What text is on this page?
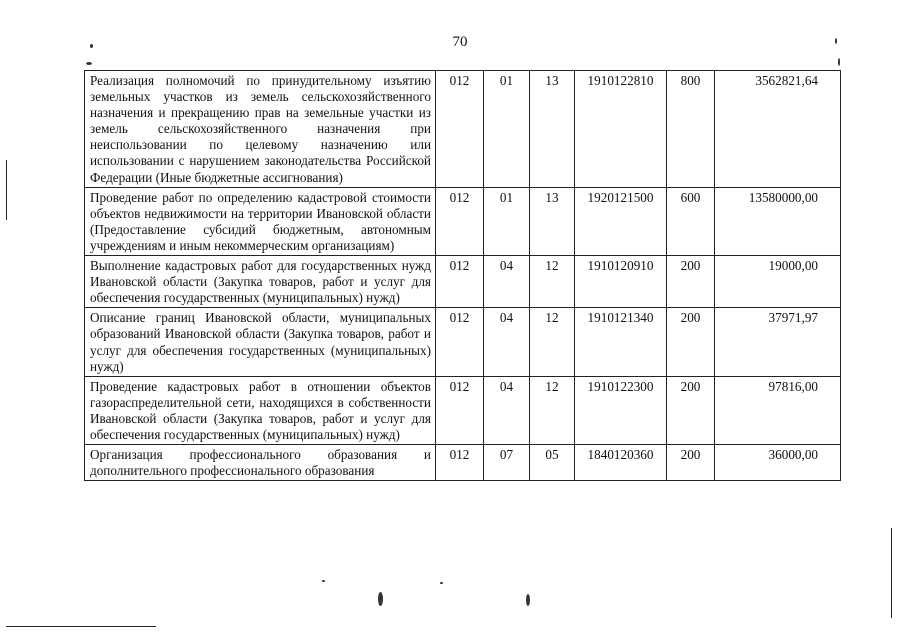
70
Реализация полномочий по принудительному изъятию земельных участков из земель сельскохозяйственного назначения и прекращению прав на земельные участки из земель сельскохозяйственного назначения при неиспользовании по целевому назначению или использовании с нарушением законодательства Российской Федерации (Иные бюджетные ассигнования)	012	01	13	1910122810	800	3562821,64
Проведение работ по определению кадастровой стоимости объектов недвижимости на территории Ивановской области (Предоставление субсидий бюджетным, автономным учреждениям и иным некоммерческим организациям)	012	01	13	1920121500	600	13580000,00
Выполнение кадастровых работ для государственных нужд Ивановской области (Закупка товаров, работ и услуг для обеспечения государственных (муниципальных) нужд)	012	04	12	1910120910	200	19000,00
Описание границ Ивановской области, муниципальных образований Ивановской области (Закупка товаров, работ и услуг для обеспечения государственных (муниципальных) нужд)	012	04	12	1910121340	200	37971,97
Проведение кадастровых работ в отношении объектов газораспределительной сети, находящихся в собственности Ивановской области (Закупка товаров, работ и услуг для обеспечения государственных (муниципальных) нужд)	012	04	12	1910122300	200	97816,00
Организация профессионального образования и дополнительного профессионального образования	012	07	05	1840120360	200	36000,00
